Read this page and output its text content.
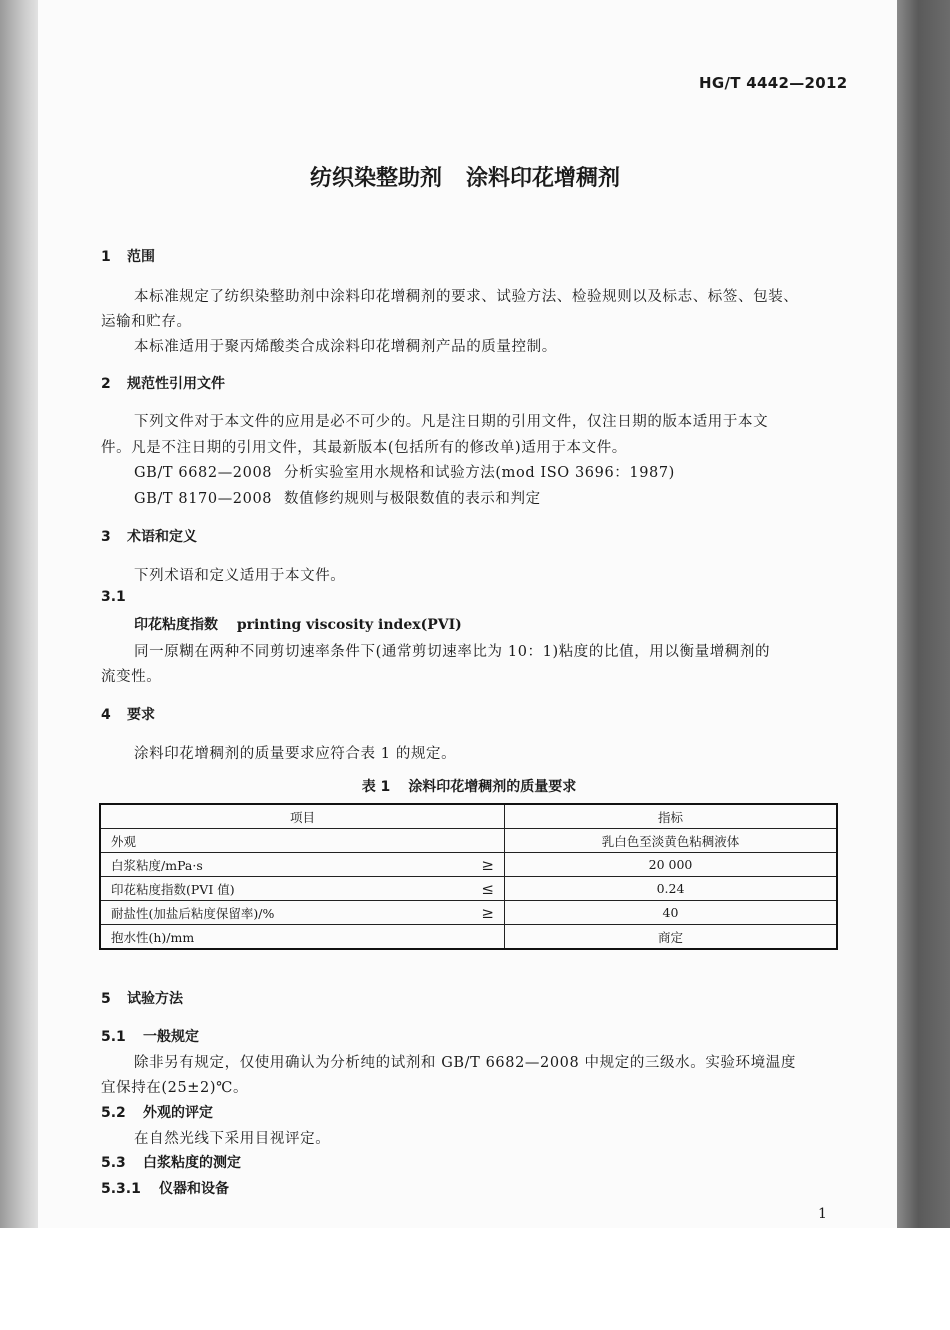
HG/T 4442—2012
纺织染整助剂 涂料印花增稠剂
1 范围
本标准规定了纺织染整助剂中涂料印花增稠剂的要求、试验方法、检验规则以及标志、标签、包装、
运输和贮存。
本标准适用于聚丙烯酸类合成涂料印花增稠剂产品的质量控制。
2 规范性引用文件
下列文件对于本文件的应用是必不可少的。凡是注日期的引用文件，仅注日期的版本适用于本文
件。凡是不注日期的引用文件，其最新版本(包括所有的修改单)适用于本文件。
GB/T 6682—2008 分析实验室用水规格和试验方法(mod ISO 3696：1987)
GB/T 8170—2008 数值修约规则与极限数值的表示和判定
3 术语和定义
下列术语和定义适用于本文件。
3.1
印花粘度指数 printing viscosity index(PVI)
同一原糊在两种不同剪切速率条件下(通常剪切速率比为 10：1)粘度的比值，用以衡量增稠剂的
流变性。
4 要求
涂料印花增稠剂的质量要求应符合表 1 的规定。
表 1 涂料印花增稠剂的质量要求
项目	指标
外观	乳白色至淡黄色粘稠液体
白浆粘度/mPa·s ≥	20 000
印花粘度指数(PVI 值) ≤	0.24
耐盐性(加盐后粘度保留率)/% ≥	40
抱水性(h)/mm	商定
5 试验方法
5.1 一般规定
除非另有规定，仅使用确认为分析纯的试剂和 GB/T 6682—2008 中规定的三级水。实验环境温度
宜保持在(25±2)℃。
5.2 外观的评定
在自然光线下采用目视评定。
5.3 白浆粘度的测定
5.3.1 仪器和设备
1
